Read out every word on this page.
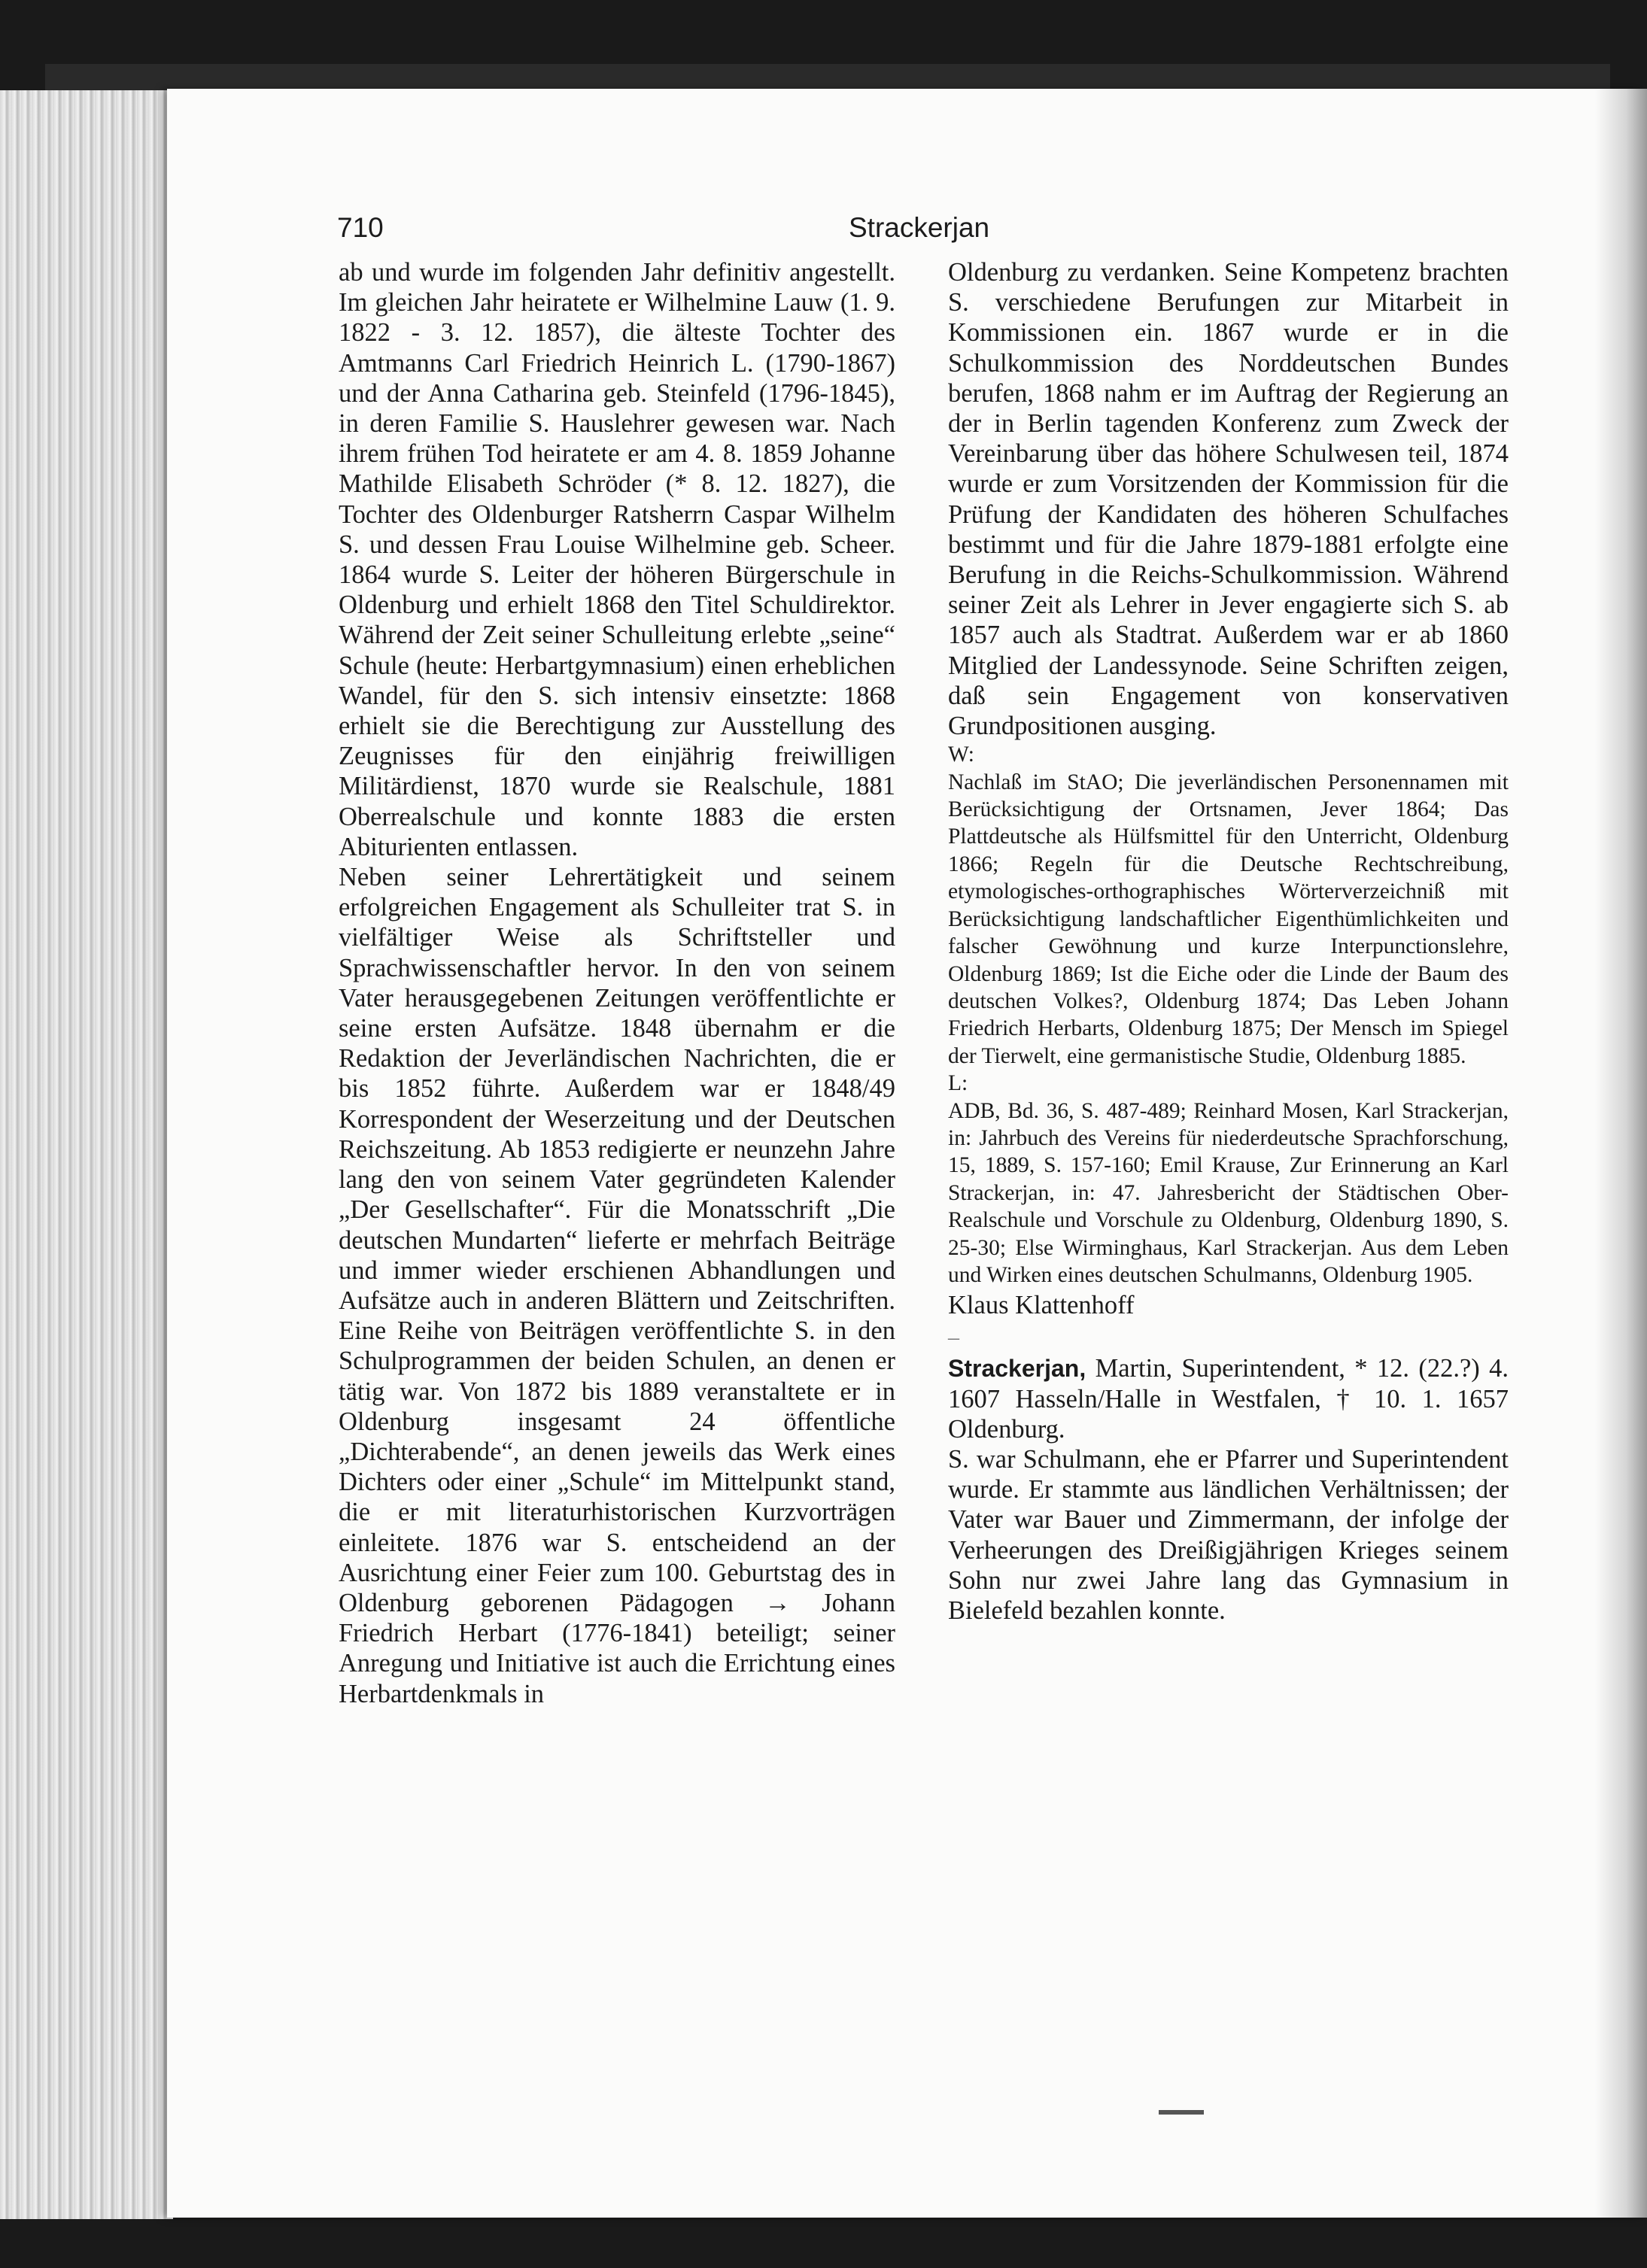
710	Strackerjan

ab und wurde im folgenden Jahr definitiv angestellt. Im gleichen Jahr heiratete er Wilhelmine Lauw (1. 9. 1822 - 3. 12. 1857), die älteste Tochter des Amtmanns Carl Friedrich Heinrich L. (1790-1867) und der Anna Catharina geb. Steinfeld (1796-1845), in deren Familie S. Hauslehrer gewesen war. Nach ihrem frühen Tod heiratete er am 4. 8. 1859 Johanne Mathilde Elisabeth Schröder (* 8. 12. 1827), die Tochter des Oldenburger Ratsherrn Caspar Wilhelm S. und dessen Frau Louise Wilhelmine geb. Scheer. 1864 wurde S. Leiter der höheren Bürgerschule in Oldenburg und erhielt 1868 den Titel Schuldirektor. Während der Zeit seiner Schulleitung erlebte „seine“ Schule (heute: Herbartgymnasium) einen erheblichen Wandel, für den S. sich intensiv einsetzte: 1868 erhielt sie die Berechtigung zur Ausstellung des Zeugnisses für den einjährig freiwilligen Militärdienst, 1870 wurde sie Realschule, 1881 Oberrealschule und konnte 1883 die ersten Abiturienten entlassen.

Neben seiner Lehrertätigkeit und seinem erfolgreichen Engagement als Schulleiter trat S. in vielfältiger Weise als Schriftsteller und Sprachwissenschaftler hervor. In den von seinem Vater herausgegebenen Zeitungen veröffentlichte er seine ersten Aufsätze. 1848 übernahm er die Redaktion der Jeverländischen Nachrichten, die er bis 1852 führte. Außerdem war er 1848/49 Korrespondent der Weserzeitung und der Deutschen Reichszeitung. Ab 1853 redigierte er neunzehn Jahre lang den von seinem Vater gegründeten Kalender „Der Gesellschafter“. Für die Monatsschrift „Die deutschen Mundarten“ lieferte er mehrfach Beiträge und immer wieder erschienen Abhandlungen und Aufsätze auch in anderen Blättern und Zeitschriften. Eine Reihe von Beiträgen veröffentlichte S. in den Schulprogrammen der beiden Schulen, an denen er tätig war. Von 1872 bis 1889 veranstaltete er in Oldenburg insgesamt 24 öffentliche „Dichterabende“, an denen jeweils das Werk eines Dichters oder einer „Schule“ im Mittelpunkt stand, die er mit literaturhistorischen Kurzvorträgen einleitete. 1876 war S. entscheidend an der Ausrichtung einer Feier zum 100. Geburtstag des in Oldenburg geborenen Pädagogen → Johann Friedrich Herbart (1776-1841) beteiligt; seiner Anregung und Initiative ist auch die Errichtung eines Herbartdenkmals in

Oldenburg zu verdanken. Seine Kompetenz brachten S. verschiedene Berufungen zur Mitarbeit in Kommissionen ein. 1867 wurde er in die Schulkommission des Norddeutschen Bundes berufen, 1868 nahm er im Auftrag der Regierung an der in Berlin tagenden Konferenz zum Zweck der Vereinbarung über das höhere Schulwesen teil, 1874 wurde er zum Vorsitzenden der Kommission für die Prüfung der Kandidaten des höheren Schulfaches bestimmt und für die Jahre 1879-1881 erfolgte eine Berufung in die Reichs-Schulkommission. Während seiner Zeit als Lehrer in Jever engagierte sich S. ab 1857 auch als Stadtrat. Außerdem war er ab 1860 Mitglied der Landessynode. Seine Schriften zeigen, daß sein Engagement von konservativen Grundpositionen ausging.

W:

Nachlaß im StAO; Die jeverländischen Personennamen mit Berücksichtigung der Ortsnamen, Jever 1864; Das Plattdeutsche als Hülfsmittel für den Unterricht, Oldenburg 1866; Regeln für die Deutsche Rechtschreibung, etymologisches-orthographisches Wörterverzeichniß mit Berücksichtigung landschaftlicher Eigenthümlichkeiten und falscher Gewöhnung und kurze Interpunctionslehre, Oldenburg 1869; Ist die Eiche oder die Linde der Baum des deutschen Volkes?, Oldenburg 1874; Das Leben Johann Friedrich Herbarts, Oldenburg 1875; Der Mensch im Spiegel der Tierwelt, eine germanistische Studie, Oldenburg 1885.

L:

ADB, Bd. 36, S. 487-489; Reinhard Mosen, Karl Strackerjan, in: Jahrbuch des Vereins für niederdeutsche Sprachforschung, 15, 1889, S. 157-160; Emil Krause, Zur Erinnerung an Karl Strackerjan, in: 47. Jahresbericht der Städtischen Ober-Realschule und Vorschule zu Oldenburg, Oldenburg 1890, S. 25-30; Else Wirminghaus, Karl Strackerjan. Aus dem Leben und Wirken eines deutschen Schulmanns, Oldenburg 1905.

Klaus Klattenhoff

–

Strackerjan, Martin, Superintendent, * 12. (22.?) 4. 1607 Hasseln/Halle in Westfalen, † 10. 1. 1657 Oldenburg.

S. war Schulmann, ehe er Pfarrer und Superintendent wurde. Er stammte aus ländlichen Verhältnissen; der Vater war Bauer und Zimmermann, der infolge der Verheerungen des Dreißigjährigen Krieges seinem Sohn nur zwei Jahre lang das Gymnasium in Bielefeld bezahlen konnte.
